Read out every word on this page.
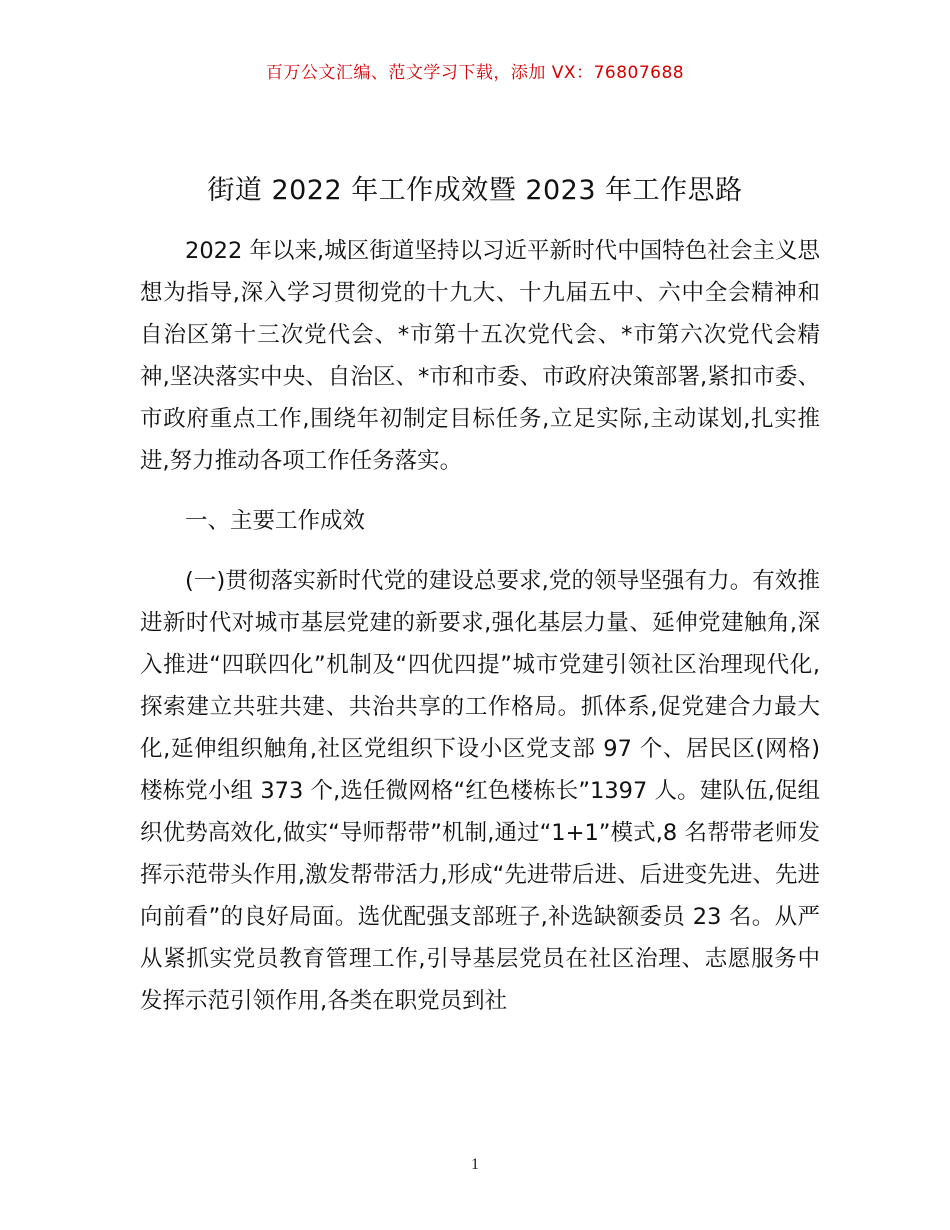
百万公文汇编、范文学习下载，添加 VX：76807688
街道 2022 年工作成效暨 2023 年工作思路

2022 年以来,城区街道坚持以习近平新时代中国特色社会主义思想为指导,深入学习贯彻党的十九大、十九届五中、六中全会精神和自治区第十三次党代会、*市第十五次党代会、*市第六次党代会精神,坚决落实中央、自治区、*市和市委、市政府决策部署,紧扣市委、市政府重点工作,围绕年初制定目标任务,立足实际,主动谋划,扎实推进,努力推动各项工作任务落实。

一、主要工作成效

(一)贯彻落实新时代党的建设总要求,党的领导坚强有力。有效推进新时代对城市基层党建的新要求,强化基层力量、延伸党建触角,深入推进“四联四化”机制及“四优四提”城市党建引领社区治理现代化,探索建立共驻共建、共治共享的工作格局。抓体系,促党建合力最大化,延伸组织触角,社区党组织下设小区党支部 97 个、居民区(网格)楼栋党小组 373 个,选任微网格“红色楼栋长”1397 人。建队伍,促组织优势高效化,做实“导师帮带”机制,通过“1+1”模式,8 名帮带老师发挥示范带头作用,激发帮带活力,形成“先进带后进、后进变先进、先进向前看”的良好局面。选优配强支部班子,补选缺额委员 23 名。从严从紧抓实党员教育管理工作,引导基层党员在社区治理、志愿服务中发挥示范引领作用,各类在职党员到社

1
